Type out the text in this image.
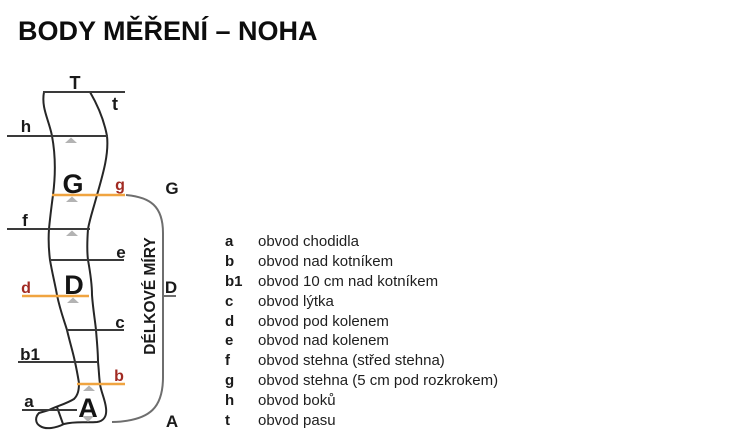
BODY MĚŘENÍ – NOHA
T
t
h
G g
f
e
D
d
c
b1
b
a A
G
D
A
DÉLKOVÉ MÍRY	a	obvod chodidla
b	obvod nad kotníkem
b1	obvod 10 cm nad kotníkem
c	obvod lýtka
d	obvod pod kolenem
e	obvod nad kolenem
f	obvod stehna (střed stehna)
g	obvod stehna (5 cm pod rozkrokem)
h	obvod boků
t	obvod pasu
